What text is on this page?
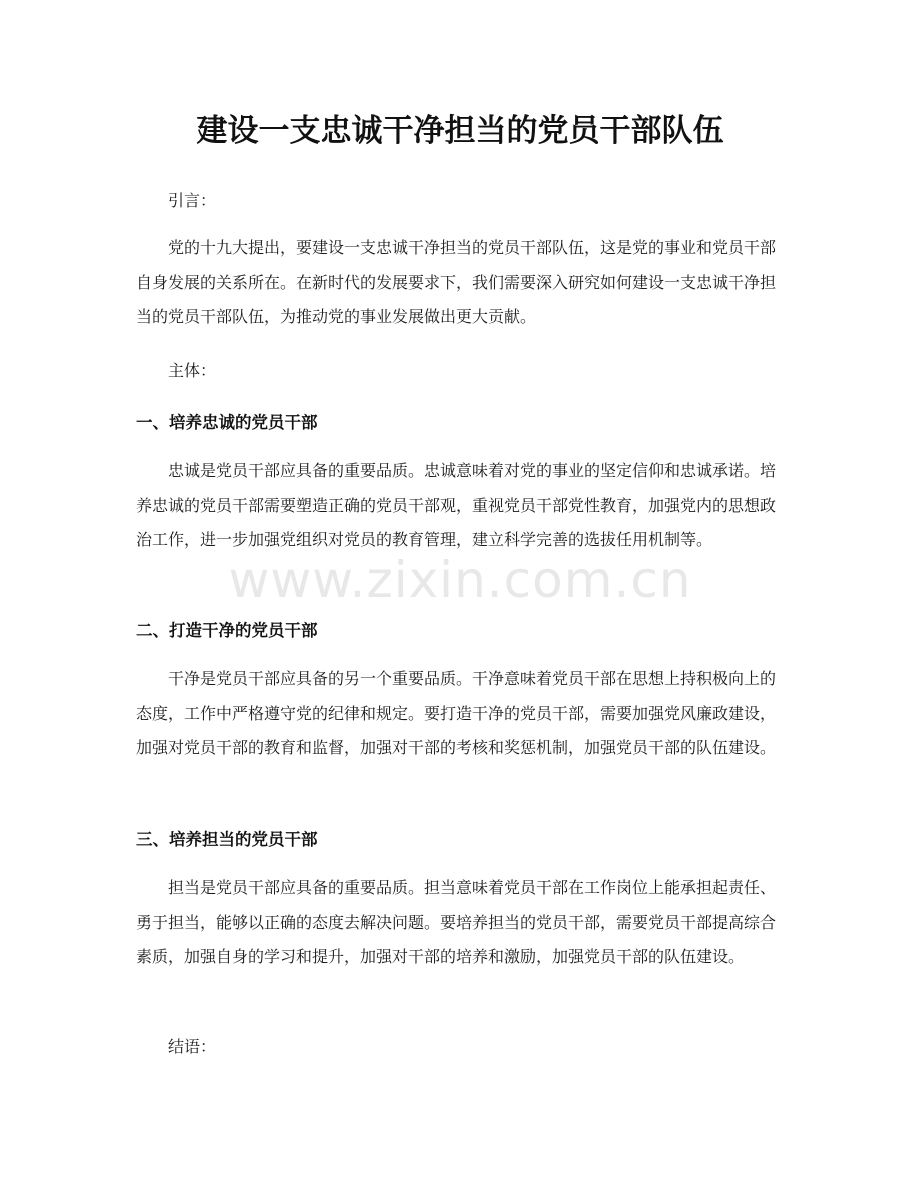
建设一支忠诚干净担当的党员干部队伍

引言：

党的十九大提出，要建设一支忠诚干净担当的党员干部队伍，这是党的事业和党员干部自身发展的关系所在。在新时代的发展要求下，我们需要深入研究如何建设一支忠诚干净担当的党员干部队伍，为推动党的事业发展做出更大贡献。

主体：

一、培养忠诚的党员干部

忠诚是党员干部应具备的重要品质。忠诚意味着对党的事业的坚定信仰和忠诚承诺。培养忠诚的党员干部需要塑造正确的党员干部观，重视党员干部党性教育，加强党内的思想政治工作，进一步加强党组织对党员的教育管理，建立科学完善的选拔任用机制等。

二、打造干净的党员干部

干净是党员干部应具备的另一个重要品质。干净意味着党员干部在思想上持积极向上的态度，工作中严格遵守党的纪律和规定。要打造干净的党员干部，需要加强党风廉政建设，加强对党员干部的教育和监督，加强对干部的考核和奖惩机制，加强党员干部的队伍建设。

三、培养担当的党员干部

担当是党员干部应具备的重要品质。担当意味着党员干部在工作岗位上能承担起责任、勇于担当，能够以正确的态度去解决问题。要培养担当的党员干部，需要党员干部提高综合素质，加强自身的学习和提升，加强对干部的培养和激励，加强党员干部的队伍建设。

结语：

www.zixin.com.cn
